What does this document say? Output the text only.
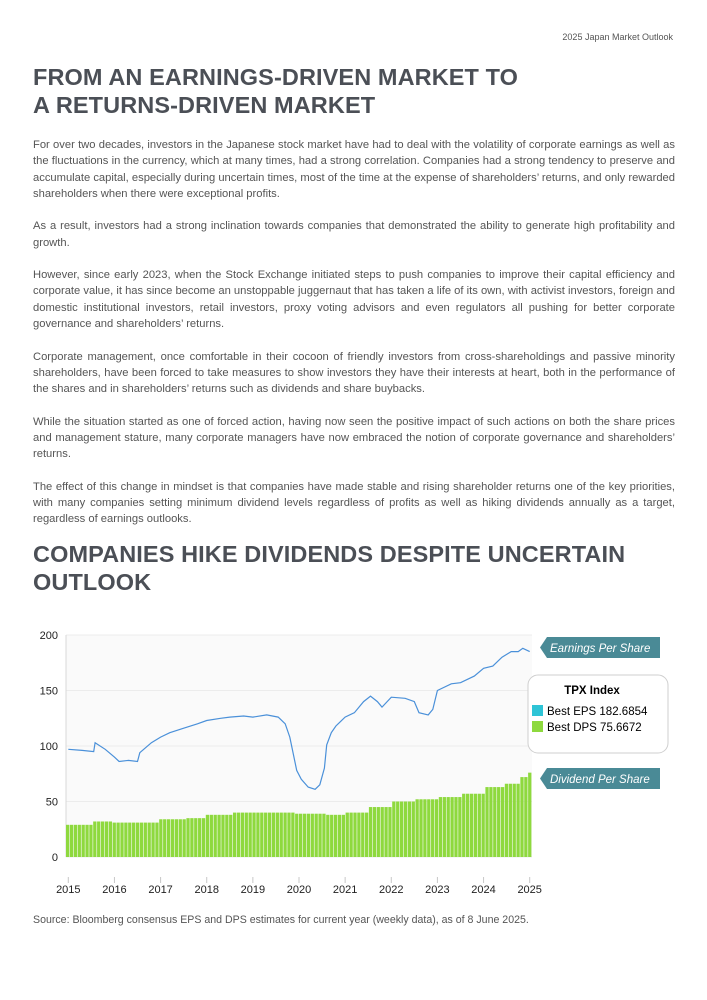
2025 Japan Market Outlook
FROM AN EARNINGS-DRIVEN MARKET TO
A RETURNS-DRIVEN MARKET

For over two decades, investors in the Japanese stock market have had to deal with the volatility of corporate earnings as well as the fluctuations in the currency, which at many times, had a strong correlation. Companies had a strong tendency to preserve and accumulate capital, especially during uncertain times, most of the time at the expense of shareholders’ returns, and only rewarded shareholders when there were exceptional profits.

As a result, investors had a strong inclination towards companies that demonstrated the ability to generate high profitability and growth.

However, since early 2023, when the Stock Exchange initiated steps to push companies to improve their capital efficiency and corporate value, it has since become an unstoppable juggernaut that has taken a life of its own, with activist investors, foreign and domestic institutional investors, retail investors, proxy voting advisors and even regulators all pushing for better corporate governance and shareholders’ returns.

Corporate management, once comfortable in their cocoon of friendly investors from cross-shareholdings and passive minority shareholders, have been forced to take measures to show investors they have their interests at heart, both in the performance of the shares and in shareholders’ returns such as dividends and share buybacks.

While the situation started as one of forced action, having now seen the positive impact of such actions on both the share prices and management stature, many corporate managers have now embraced the notion of corporate governance and shareholders’ returns.

The effect of this change in mindset is that companies have made stable and rising shareholder returns one of the key priorities, with many companies setting minimum dividend levels regardless of profits as well as hiking dividends annually as a target, regardless of earnings outlooks.

COMPANIES HIKE DIVIDENDS DESPITE UNCERTAIN
OUTLOOK
200
150
100
50
0
2015 2016 2017 2018 2019 2020 2021 2022 2023 2024 2025
Earnings Per Share
Dividend Per Share
TPX Index
Best EPS 182.6854
Best DPS 75.6672
Source: Bloomberg consensus EPS and DPS estimates for current year (weekly data), as of 8 June 2025.
